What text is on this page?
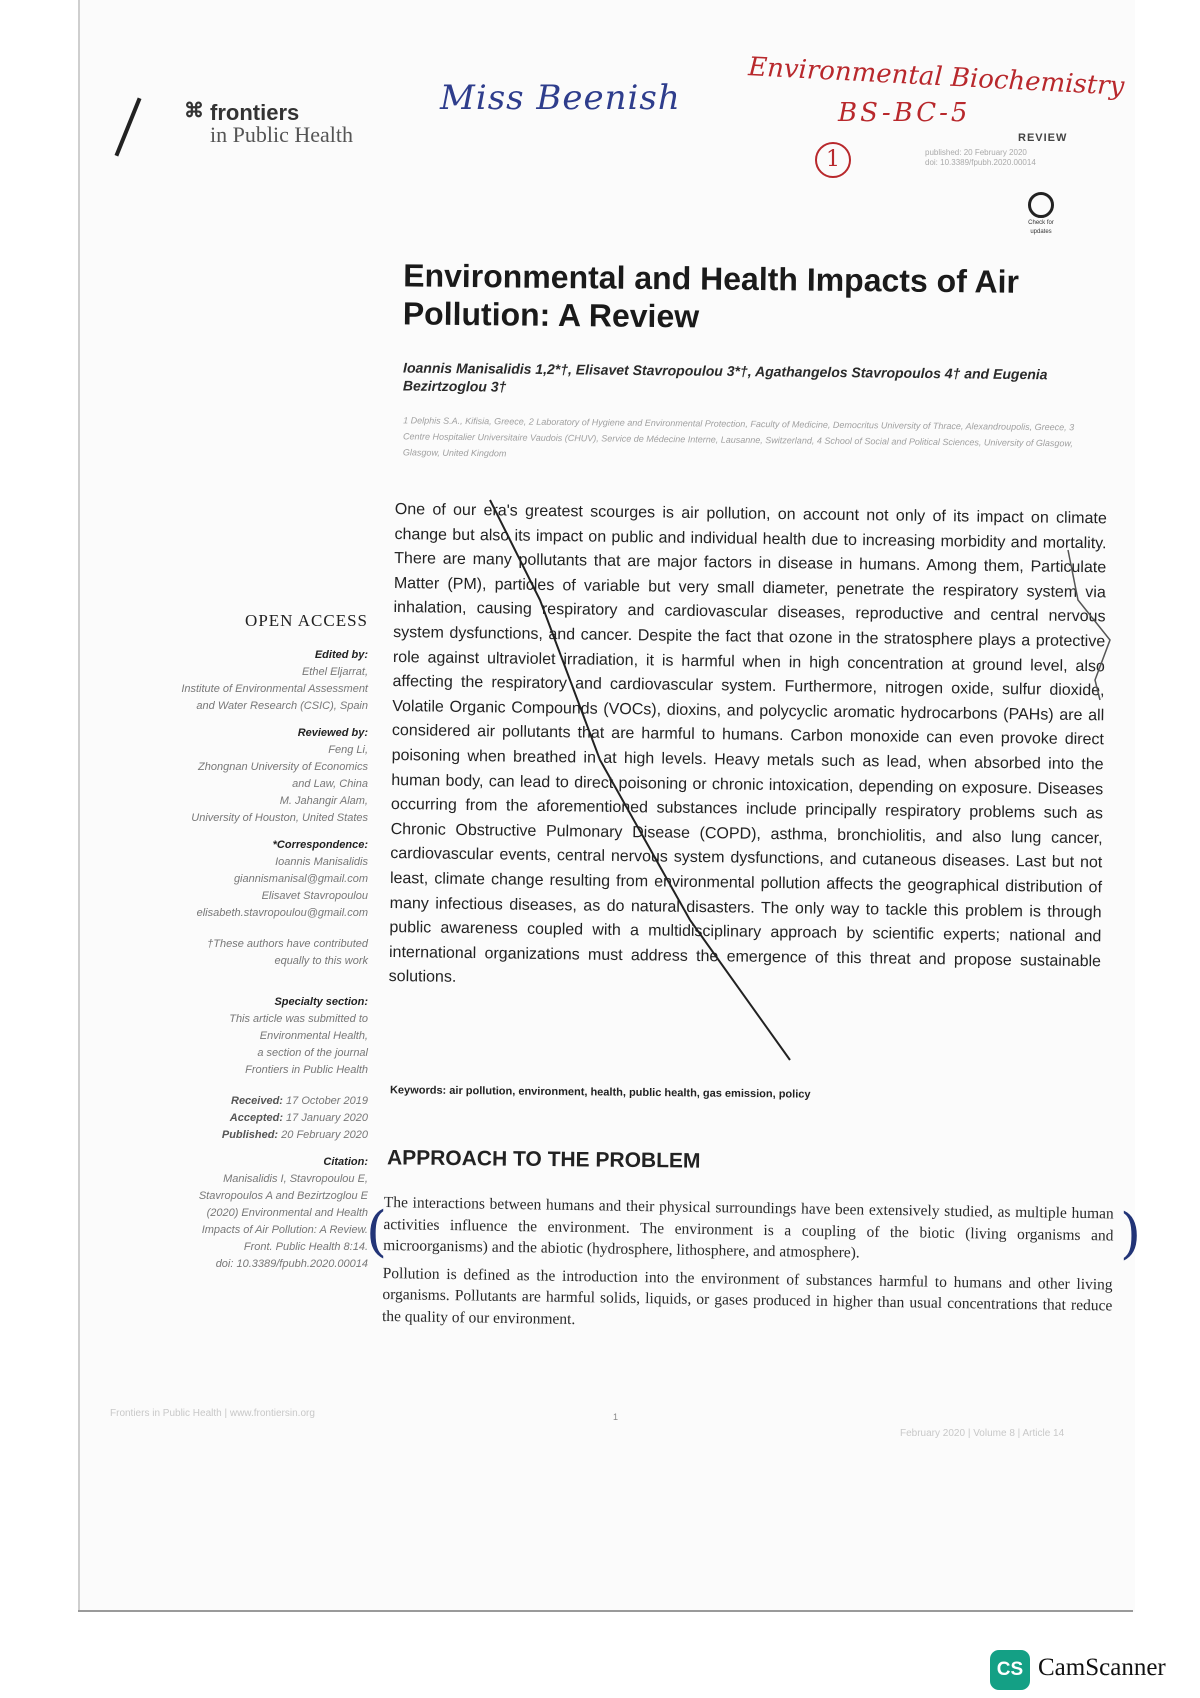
⌘ frontiers
in Public Health
Miss Beenish	Environmental Biochemistry
BS-BC-5
1
REVIEW
published: 20 February 2020
doi: 10.3389/fpubh.2020.00014
Check for
updates
Environmental and Health Impacts of Air Pollution: A Review
Ioannis Manisalidis 1,2*†, Elisavet Stavropoulou 3*†, Agathangelos Stavropoulos 4† and Eugenia Bezirtzoglou 3†
1 Delphis S.A., Kifisia, Greece, 2 Laboratory of Hygiene and Environmental Protection, Faculty of Medicine, Democritus University of Thrace, Alexandroupolis, Greece, 3 Centre Hospitalier Universitaire Vaudois (CHUV), Service de Médecine Interne, Lausanne, Switzerland, 4 School of Social and Political Sciences, University of Glasgow, Glasgow, United Kingdom
One of our era's greatest scourges is air pollution, on account not only of its impact on climate change but also its impact on public and individual health due to increasing morbidity and mortality. There are many pollutants that are major factors in disease in humans. Among them, Particulate Matter (PM), particles of variable but very small diameter, penetrate the respiratory system via inhalation, causing respiratory and cardiovascular diseases, reproductive and central nervous system dysfunctions, and cancer. Despite the fact that ozone in the stratosphere plays a protective role against ultraviolet irradiation, it is harmful when in high concentration at ground level, also affecting the respiratory and cardiovascular system. Furthermore, nitrogen oxide, sulfur dioxide, Volatile Organic Compounds (VOCs), dioxins, and polycyclic aromatic hydrocarbons (PAHs) are all considered air pollutants that are harmful to humans. Carbon monoxide can even provoke direct poisoning when breathed in at high levels. Heavy metals such as lead, when absorbed into the human body, can lead to direct poisoning or chronic intoxication, depending on exposure. Diseases occurring from the aforementioned substances include principally respiratory problems such as Chronic Obstructive Pulmonary Disease (COPD), asthma, bronchiolitis, and also lung cancer, cardiovascular events, central nervous system dysfunctions, and cutaneous diseases. Last but not least, climate change resulting from environmental pollution affects the geographical distribution of many infectious diseases, as do natural disasters. The only way to tackle this problem is through public awareness coupled with a multidisciplinary approach by scientific experts; national and international organizations must address the emergence of this threat and propose sustainable solutions.
Keywords: air pollution, environment, health, public health, gas emission, policy
APPROACH TO THE PROBLEM

The interactions between humans and their physical surroundings have been extensively studied, as multiple human activities influence the environment. The environment is a coupling of the biotic (living organisms and microorganisms) and the abiotic (hydrosphere, lithosphere, and atmosphere).

Pollution is defined as the introduction into the environment of substances harmful to humans and other living organisms. Pollutants are harmful solids, liquids, or gases produced in higher than usual concentrations that reduce the quality of our environment.

(	)
OPEN ACCESS
Edited by:
Ethel Eljarrat,
Institute of Environmental Assessment
and Water Research (CSIC), Spain
Reviewed by:
Feng Li,
Zhongnan University of Economics
and Law, China
M. Jahangir Alam,
University of Houston, United States
*Correspondence:
Ioannis Manisalidis
giannismanisal@gmail.com
Elisavet Stavropoulou
elisabeth.stavropoulou@gmail.com
†These authors have contributed
equally to this work
Specialty section:
This article was submitted to
Environmental Health,
a section of the journal
Frontiers in Public Health
Received: 17 October 2019
Accepted: 17 January 2020
Published: 20 February 2020
Citation:
Manisalidis I, Stavropoulou E,
Stavropoulos A and Bezirtzoglou E
(2020) Environmental and Health
Impacts of Air Pollution: A Review.
Front. Public Health 8:14.
doi: 10.3389/fpubh.2020.00014
Frontiers in Public Health | www.frontiersin.org	1
February 2020 | Volume 8 | Article 14
CS CamScanner
